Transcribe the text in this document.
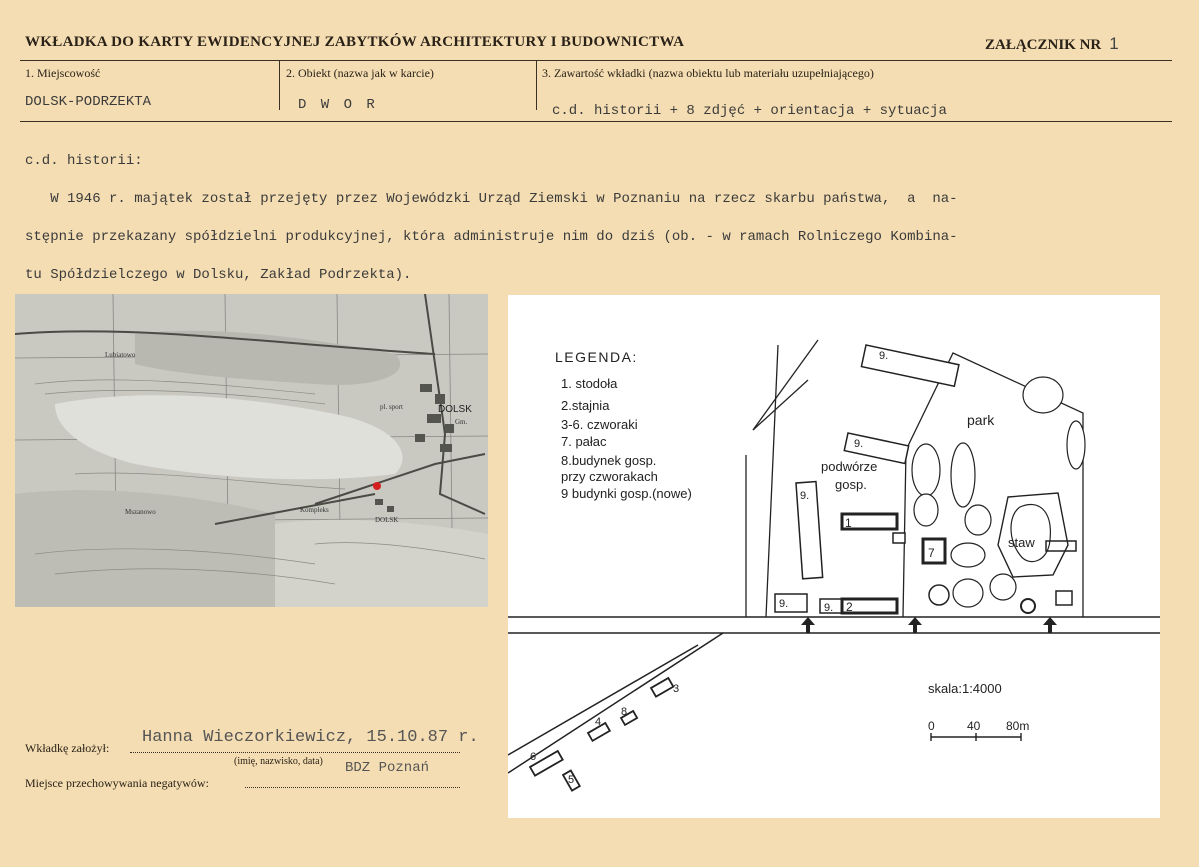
WKŁADKA DO KARTY EWIDENCYJNEJ ZABYTKÓW ARCHITEKTURY I BUDOWNICTWA	ZAŁĄCZNIK NR 1
1. Miejscowość
DOLSK-PODRZEKTA
2. Obiekt (nazwa jak w karcie)
D W O R
3. Zawartość wkładki (nazwa obiektu lub materiału uzupełniającego)
c.d. historii + 8 zdjęć + orientacja + sytuacja

c.d. historii:

W 1946 r. majątek został przejęty przez Wojewódzki Urząd Ziemski w Poznaniu na rzecz skarbu państwa,  a  na-

stępnie przekazany spółdzielni produkcyjnej, która administruje nim do dziś (ob. - w ramach Rolniczego Kombina-

tu Spółdzielczego w Dolsku, Zakład Podrzekta).

Lubiatowo
DOLSK
Gm.
Mszanowo
DOLSK
pl. sport
Kompleks
LEGENDA:
1. stodoła
2.stajnia
3-6. czworaki
7. pałac
8.budynek gosp.
przy czworakach
9 budynki gosp.(nowe)
park
podwórze
gosp.
staw
skala:1:4000
0	40 80m
9.
9.
9.
9.	9.
1
2
7
3
4
8
6
5
Wkładkę założył:
Hanna Wieczorkiewicz, 15.10.87 r.
(imię, nazwisko, data)
Miejsce przechowywania negatywów:
BDZ Poznań
